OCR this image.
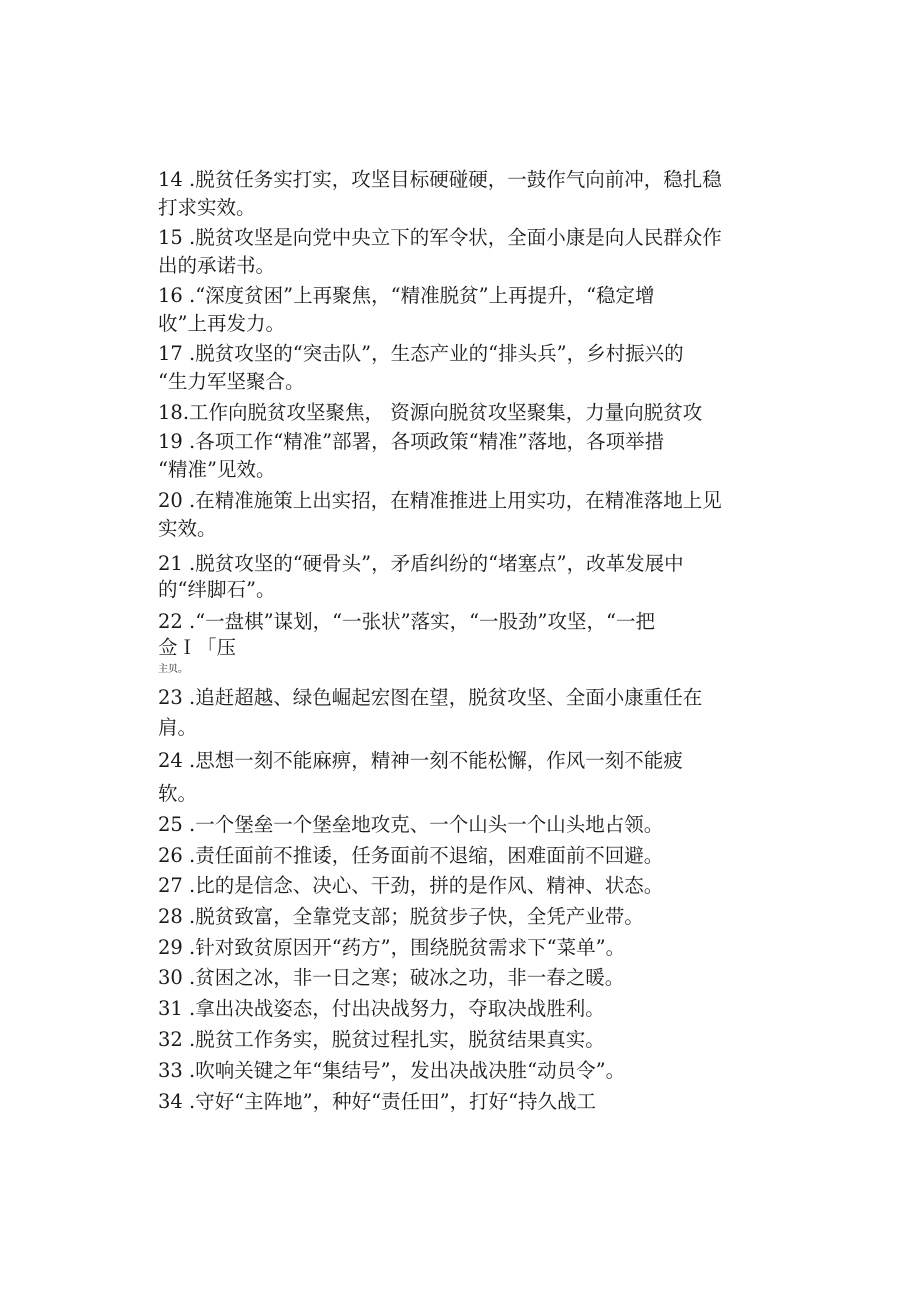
14 .脱贫任务实打实，攻坚目标硬碰硬，一鼓作气向前冲，稳扎稳
打求实效。
15 .脱贫攻坚是向党中央立下的军令状，全面小康是向人民群众作
出的承诺书。
16 .“深度贫困”上再聚焦，“精准脱贫”上再提升，“稳定增
收”上再发力。
17 .脱贫攻坚的“突击队”，生态产业的“排头兵”，乡村振兴的
“生力军坚聚合。
18.工作向脱贫攻坚聚焦， 资源向脱贫攻坚聚集，力量向脱贫攻
19 .各项工作“精准”部署，各项政策“精准”落地，各项举措
“精准”见效。
20 .在精准施策上出实招，在精准推进上用实功，在精准落地上见
实效。
21 .脱贫攻坚的“硬骨头”，矛盾纠纷的“堵塞点”，改革发展中
的“绊脚石”。
22 .“一盘棋”谋划，“一张状”落实，“一股劲”攻坚，“一把
佥Ｉ「压
主贝。
23 .追赶超越、绿色崛起宏图在望，脱贫攻坚、全面小康重任在
肩。
24 .思想一刻不能麻痹，精神一刻不能松懈，作风一刻不能疲
软。
25 .一个堡垒一个堡垒地攻克、一个山头一个山头地占领。
26 .责任面前不推诿，任务面前不退缩，困难面前不回避。
27 .比的是信念、决心、干劲，拼的是作风、精神、状态。
28 .脱贫致富，全靠党支部；脱贫步子快，全凭产业带。
29 .针对致贫原因开“药方”，围绕脱贫需求下“菜单”。
30 .贫困之冰，非一日之寒；破冰之功，非一春之暖。
31 .拿出决战姿态，付出决战努力，夺取决战胜利。
32 .脱贫工作务实，脱贫过程扎实，脱贫结果真实。
33 .吹响关键之年“集结号”，发出决战决胜“动员令”。
34 .守好“主阵地”，种好“责任田”，打好“持久战工
